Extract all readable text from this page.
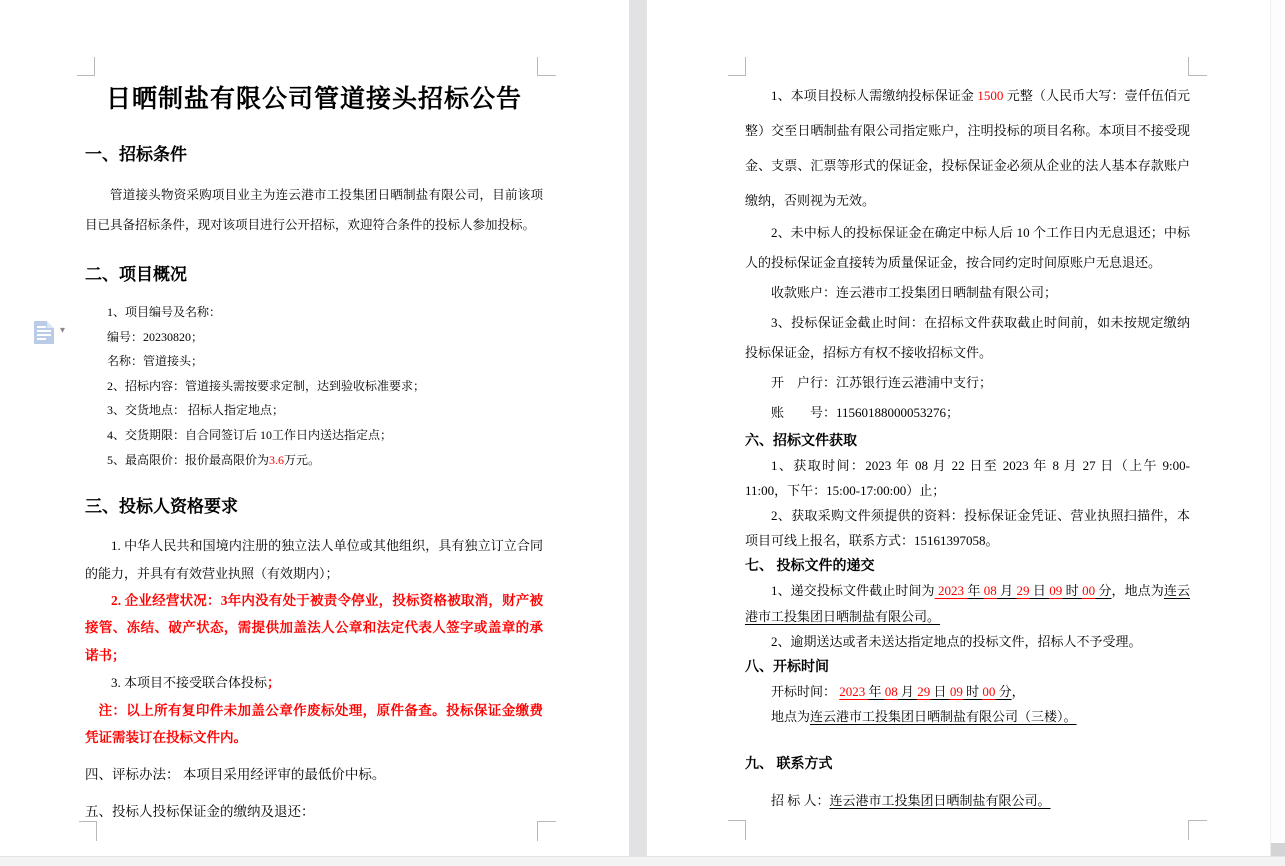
日晒制盐有限公司管道接头招标公告

一、招标条件

管道接头物资采购项目业主为连云港市工投集团日晒制盐有限公司，目前该项目已具备招标条件，现对该项目进行公开招标，欢迎符合条件的投标人参加投标。

二、项目概况

1、项目编号及名称：

编号：20230820；

名称：管道接头；

2、招标内容：管道接头需按要求定制，达到验收标准要求；

3、交货地点： 招标人指定地点；

4、交货期限：自合同签订后 10工作日内送达指定点；

5、最高限价：报价最高限价为3.6万元。

三、投标人资格要求

1. 中华人民共和国境内注册的独立法人单位或其他组织，具有独立订立合同的能力，并具有有效营业执照（有效期内）；

2. 企业经营状况：3年内没有处于被责令停业，投标资格被取消，财产被接管、冻结、破产状态，需提供加盖法人公章和法定代表人签字或盖章的承诺书；

3. 本项目不接受联合体投标；

注：以上所有复印件未加盖公章作废标处理，原件备查。投标保证金缴费凭证需装订在投标文件内。

四、评标办法： 本项目采用经评审的最低价中标。

五、投标人投标保证金的缴纳及退还：

1、本项目投标人需缴纳投标保证金 1500 元整（人民币大写：壹仟伍佰元整）交至日晒制盐有限公司指定账户，注明投标的项目名称。本项目不接受现金、支票、汇票等形式的保证金，投标保证金必须从企业的法人基本存款账户缴纳，否则视为无效。

2、未中标人的投标保证金在确定中标人后 10 个工作日内无息退还；中标人的投标保证金直接转为质量保证金，按合同约定时间原账户无息退还。

收款账户：连云港市工投集团日晒制盐有限公司；

3、投标保证金截止时间：在招标文件获取截止时间前，如未按规定缴纳投标保证金，招标方有权不接收招标文件。

开　户行：江苏银行连云港浦中支行；

账　　号：11560188000053276；

六、招标文件获取

1、获取时间：2023 年 08 月 22 日至 2023 年 8 月 27 日（上午 9:00-11:00，下午：15:00-17:00:00）止；

2、获取采购文件须提供的资料：投标保证金凭证、营业执照扫描件，本项目可线上报名，联系方式：15161397058。

七、 投标文件的递交

1、递交投标文件截止时间为 2023 年 08 月 29 日 09 时 00 分，地点为连云港市工投集团日晒制盐有限公司。

2、逾期送达或者未送达指定地点的投标文件，招标人不予受理。

八、开标时间

开标时间： 2023 年 08 月 29 日 09 时 00 分，

地点为连云港市工投集团日晒制盐有限公司（三楼）。

九、 联系方式

招 标 人：连云港市工投集团日晒制盐有限公司。

▾
